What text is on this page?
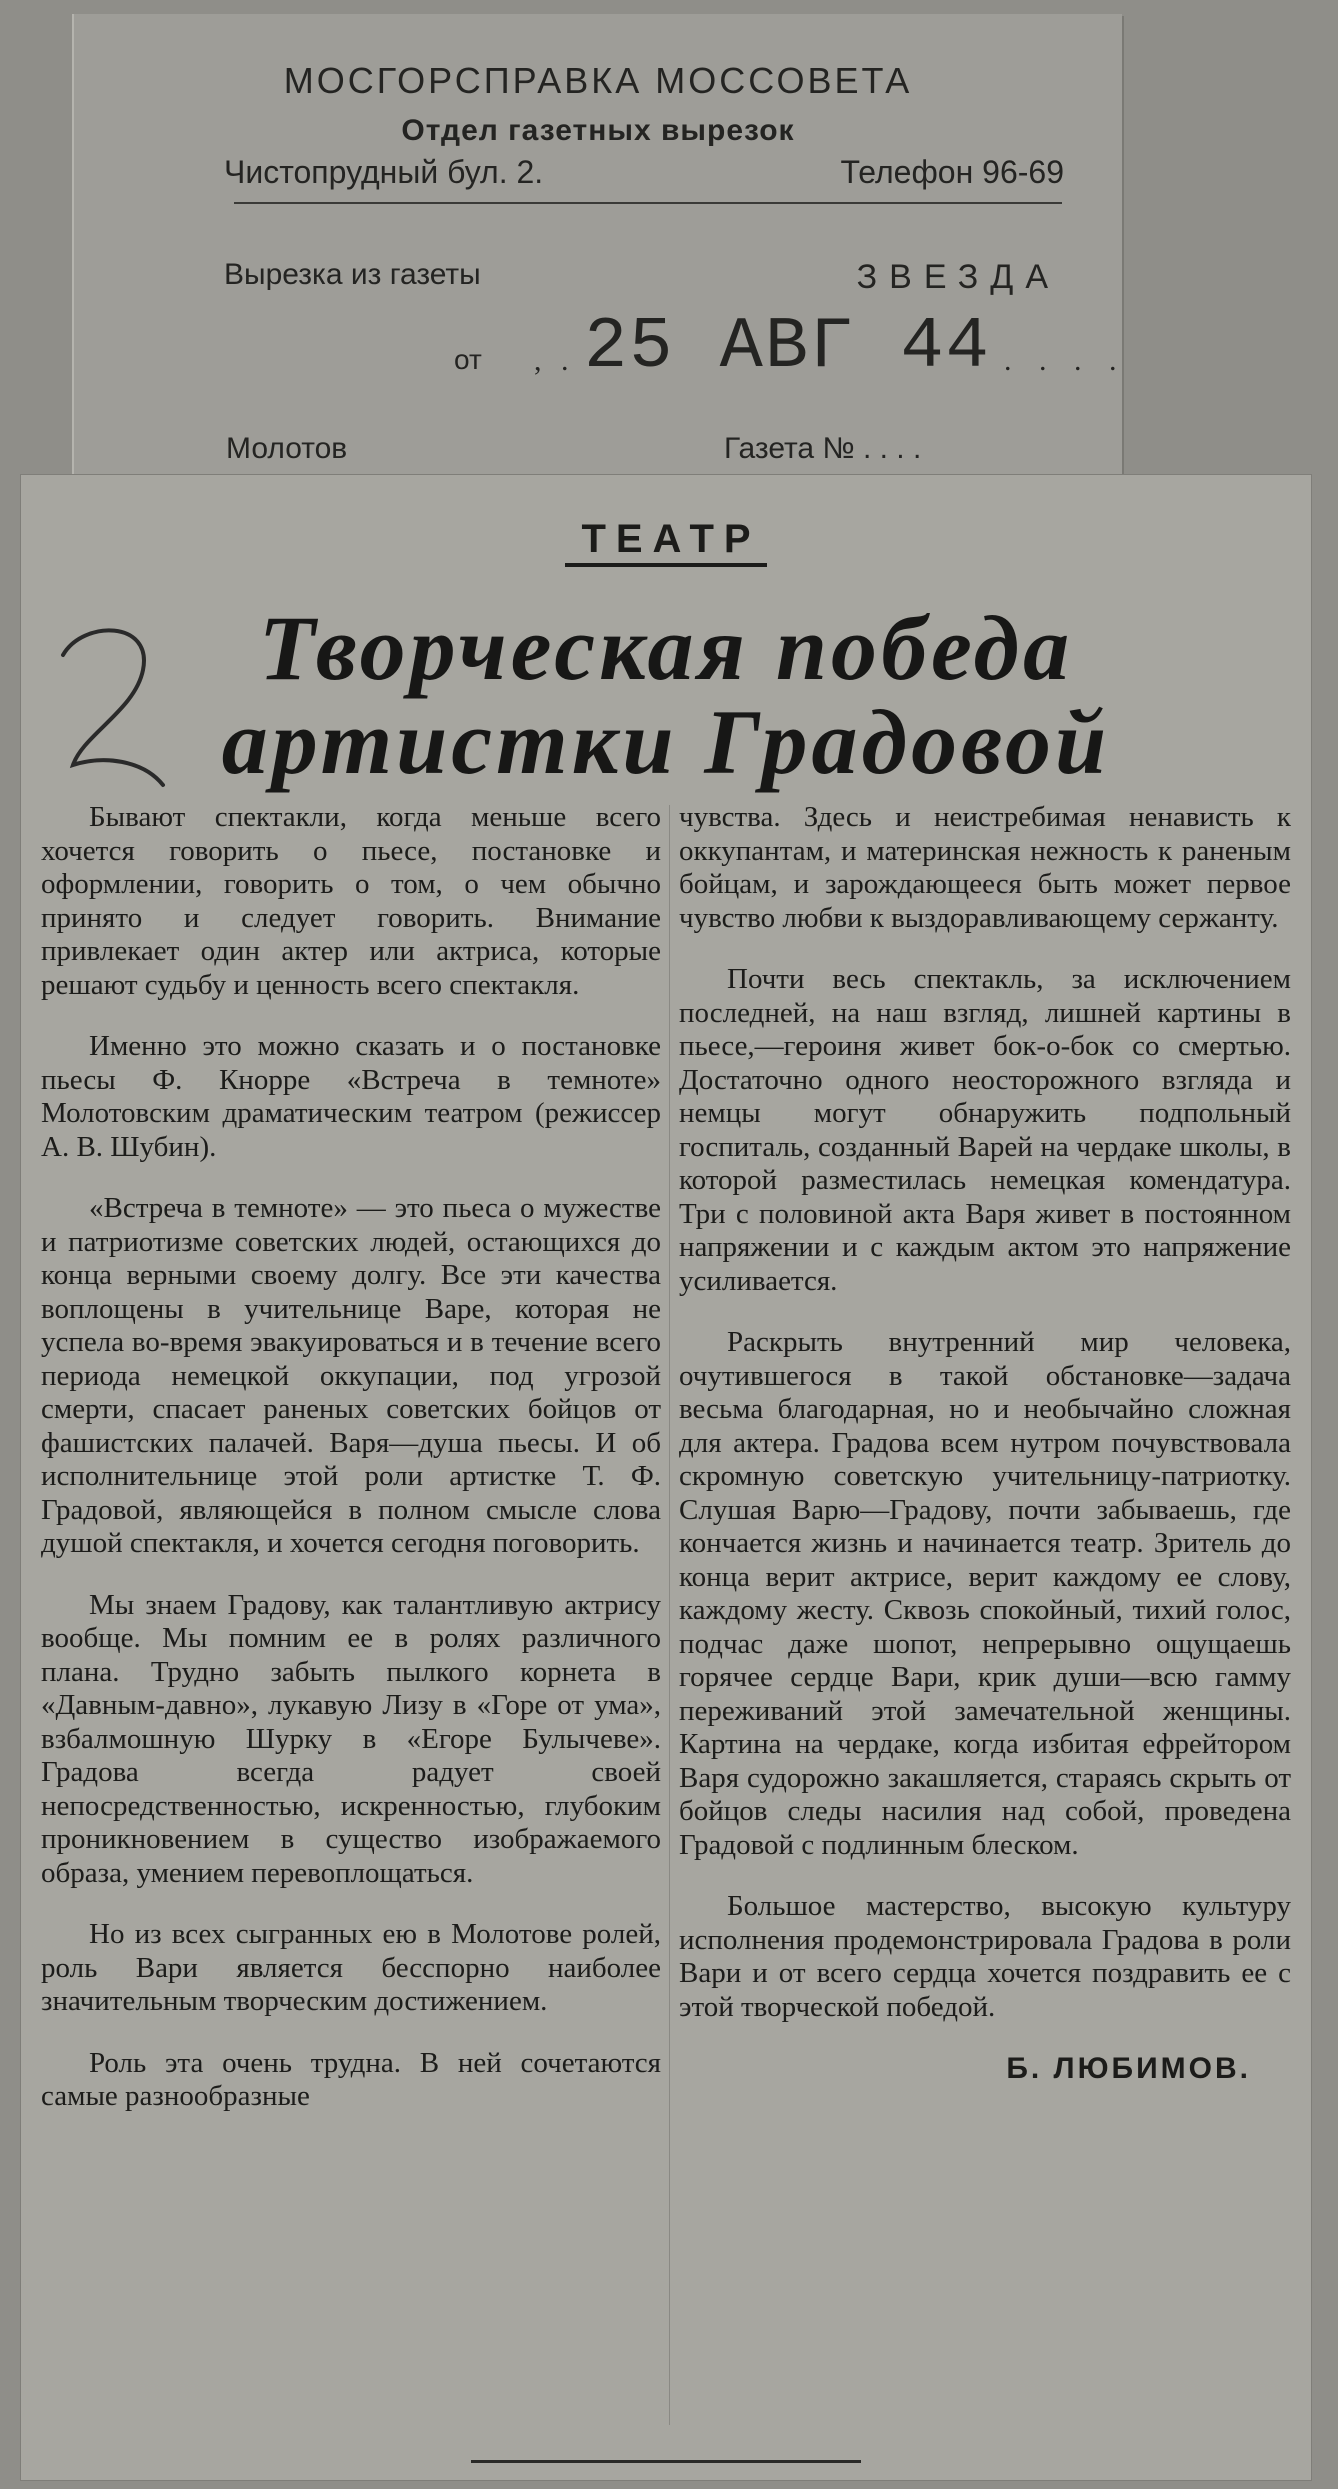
МОСГОРСПРАВКА МОССОВЕТА
Отдел газетных вырезок
Чистопрудный бул. 2.	Телефон 96-69
Вырезка из газеты	ЗВЕЗДА
от , . 25 АВГ 44 . . . .
Молотов	Газета № . . . .
ТЕАТР
Творческая победа
артистки Градовой

Бывают спектакли, когда меньше всего хочется говорить о пьесе, постановке и оформлении, говорить о том, о чем обычно принято и следует говорить. Внимание привлекает один актер или актриса, которые решают судьбу и ценность всего спектакля.

Именно это можно сказать и о постановке пьесы Ф. Кнорре «Встреча в темноте» Молотовским драматическим театром (режиссер А. В. Шубин).

«Встреча в темноте» — это пьеса о мужестве и патриотизме советских людей, остающихся до конца верными своему долгу. Все эти качества воплощены в учительнице Варе, которая не успела во-время эвакуироваться и в течение всего периода немецкой оккупации, под угрозой смерти, спасает раненых советских бойцов от фашистских палачей. Варя—душа пьесы. И об исполнительнице этой роли артистке Т. Ф. Градовой, являющейся в полном смысле слова душой спектакля, и хочется сегодня поговорить.

Мы знаем Градову, как талантливую актрису вообще. Мы помним ее в ролях различного плана. Трудно забыть пылкого корнета в «Давным-давно», лукавую Лизу в «Горе от ума», взбалмошную Шурку в «Егоре Булычеве». Градова всегда радует своей непосредственностью, искренностью, глубоким проникновением в существо изображаемого образа, умением перевоплощаться.

Но из всех сыгранных ею в Молотове ролей, роль Вари является бесспорно наиболее значительным творческим достижением.

Роль эта очень трудна. В ней сочетаются самые разнообразные

чувства. Здесь и неистребимая ненависть к оккупантам, и материнская нежность к раненым бойцам, и зарождающееся быть может первое чувство любви к выздоравливающему сержанту.

Почти весь спектакль, за исключением последней, на наш взгляд, лишней картины в пьесе,—героиня живет бок-о-бок со смертью. Достаточно одного неосторожного взгляда и немцы могут обнаружить подпольный госпиталь, созданный Варей на чердаке школы, в которой разместилась немецкая комендатура. Три с половиной акта Варя живет в постоянном напряжении и с каждым актом это напряжение усиливается.

Раскрыть внутренний мир человека, очутившегося в такой обстановке—задача весьма благодарная, но и необычайно сложная для актера. Градова всем нутром почувствовала скромную советскую учительницу-патриотку. Слушая Варю—Градову, почти забываешь, где кончается жизнь и начинается театр. Зритель до конца верит актрисе, верит каждому ее слову, каждому жесту. Сквозь спокойный, тихий голос, подчас даже шопот, непрерывно ощущаешь горячее сердце Вари, крик души—всю гамму переживаний этой замечательной женщины. Картина на чердаке, когда избитая ефрейтором Варя судорожно закашляется, стараясь скрыть от бойцов следы насилия над собой, проведена Градовой с подлинным блеском.

Большое мастерство, высокую культуру исполнения продемонстрировала Градова в роли Вари и от всего сердца хочется поздравить ее с этой творческой победой.

Б. ЛЮБИМОВ.
